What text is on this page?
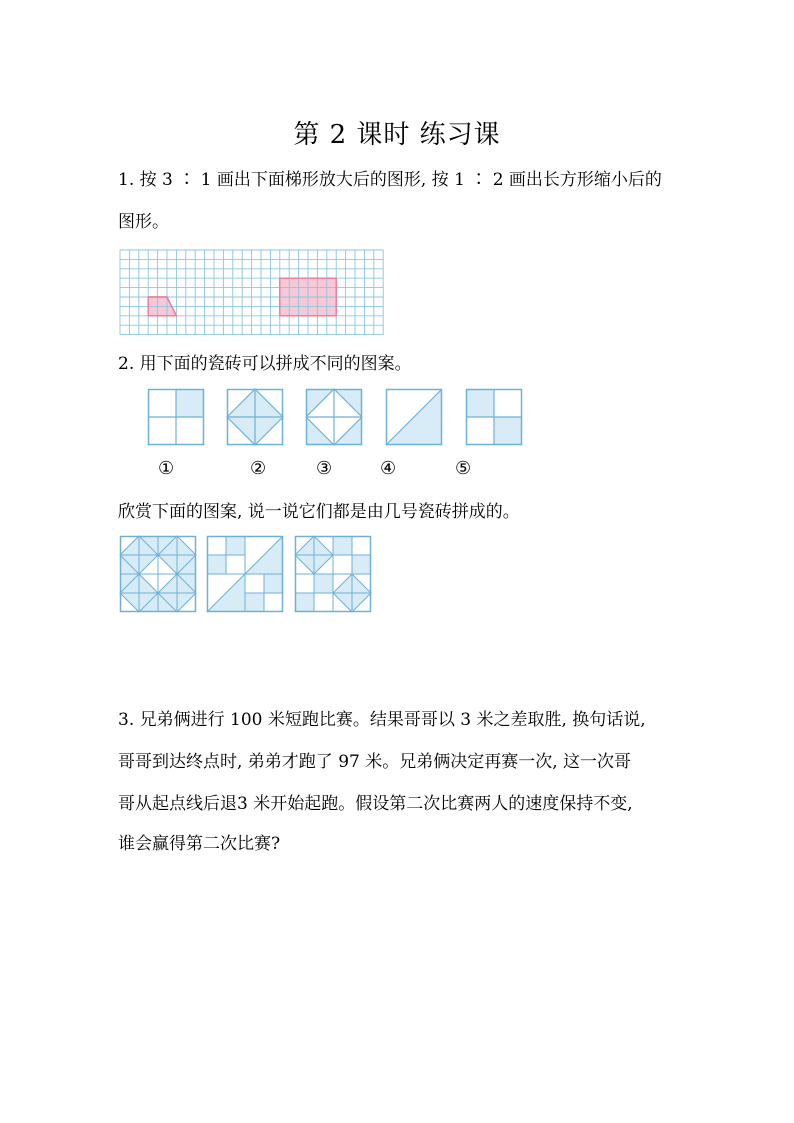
第 2 课时 练习课
1. 按 3 ∶ 1 画出下面梯形放大后的图形, 按 1 ∶ 2 画出长方形缩小后的
图形。
2. 用下面的瓷砖可以拼成不同的图案。
①	②	③	④	⑤
欣赏下面的图案, 说一说它们都是由几号瓷砖拼成的。
3. 兄弟俩进行 100 米短跑比赛。结果哥哥以 3 米之差取胜, 换句话说,
哥哥到达终点时, 弟弟才跑了 97 米。兄弟俩决定再赛一次, 这一次哥
哥从起点线后退3 米开始起跑。假设第二次比赛两人的速度保持不变,
谁会赢得第二次比赛?
